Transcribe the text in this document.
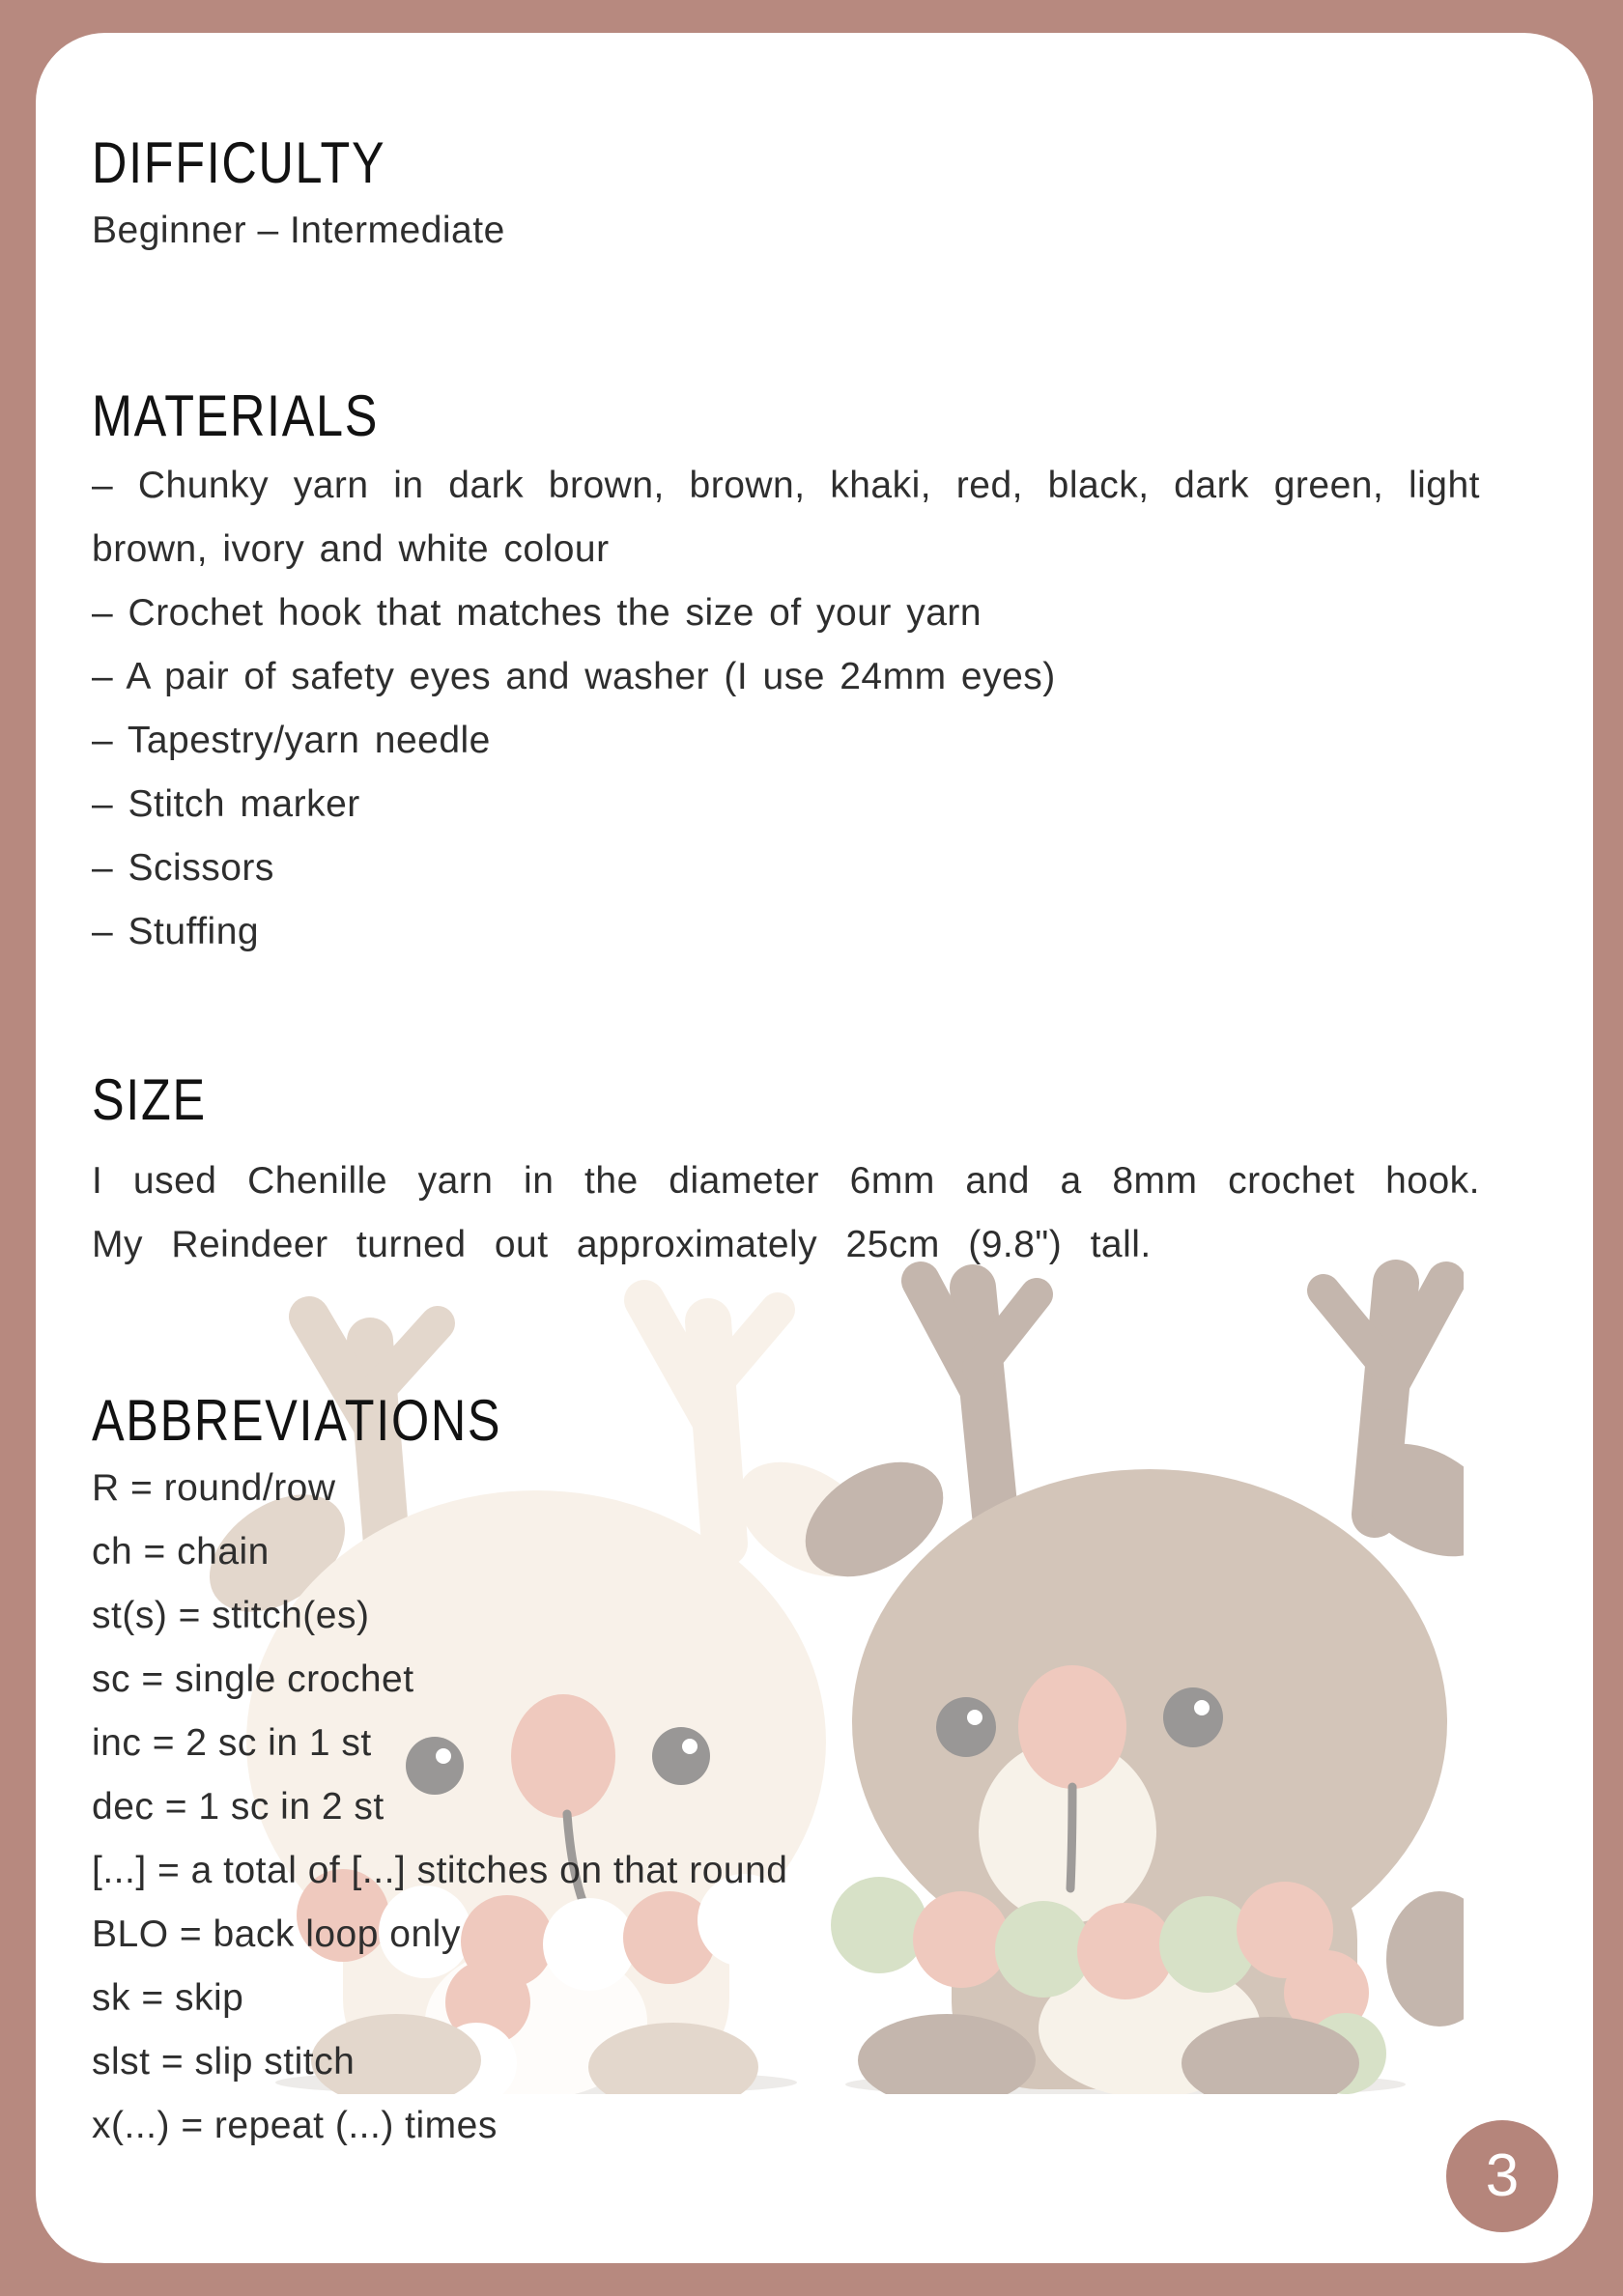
DIFFICULTY
Beginner – Intermediate
MATERIALS
– Chunky yarn in dark brown, brown, khaki, red, black, dark green, light brown, ivory and white colour
– Crochet hook that matches the size of your yarn
– A pair of safety eyes and washer (I use 24mm eyes)
– Tapestry/yarn needle
– Stitch marker
– Scissors
– Stuffing
SIZE
I used Chenille yarn in the diameter 6mm and a 8mm crochet hook. My Reindeer turned out approximately 25cm (9.8") tall.
ABBREVIATIONS
R = round/row
ch = chain
st(s) = stitch(es)
sc = single crochet
inc = 2 sc in 1 st
dec = 1 sc in 2 st
[...] = a total of [...] stitches on that round
BLO = back loop only
sk = skip
slst = slip stitch
x(...) = repeat (...) times
3
